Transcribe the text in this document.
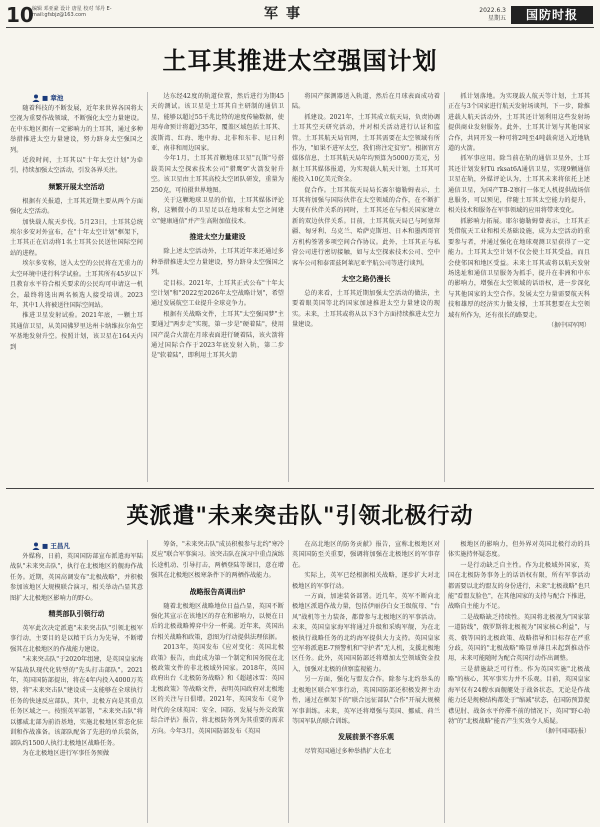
10
编辑 邓亚豪 设计 唐星 校对 邹丹 E-mail:gfsbjz@163.com	军事	2022.6.3
星期五	国防时报
土耳其推进太空强国计划

■ 章池

随着科技的不断发展，近年来世界各国将太空视为重要作战领域，不断强化太空力量建设。在中东地区拥有一定影响力的土耳其，通过多种举措推进太空力量建设，努力跻身太空强国之列。

近段时间，土耳其以"十年太空计划"为牵引，持续加强太空活动，引发各界关注。

频繁开展太空活动

根据有关报道，土耳其近期主要从两个方面强化太空活动。

加快载人航天步伐。5月23日，土耳其总统埃尔多安对外宣布，在"十年太空计划"框架下，土耳其正在启动将1名土耳其公民送往国际空间站的进程。

埃尔多安称，送入太空的公民将在无重力的太空环境中进行科学试验。土耳其所有45岁以下且教育水平符合相关要求的公民均可申请这一机会，最终将选出两名候选人接受培训。2023年，其中1人将被送往国际空间站。

推进卫星发射试验。2021年底，一颗土耳其通信卫星，从美国佛罗里达州卡纳维拉尔角空军基地发射升空。按照计划，该卫星在164天内到

达东经42度的轨道位置，然后进行为期45天的测试。该卫星是土耳其自主研制的通信卫星，能够以超过55千兆比特的速度传输数据，使用寿命预计将超过35年，覆盖区域包括土耳其、波斯湾、红海、地中海、北非和东非、尼日利亚、南非和周边国家。

今年1月，土耳其首颗地球卫星"瓦斯"号搭载美国太空探索技术公司"猎鹰9"火箭发射升空。该卫星由土耳其高校太空团队研发，重量为250克，可拍摄世界地图。

关于这颗地球卫星的价值，土耳其媒体评论称，这颗微小的卫星足以在地球和太空之间建立"健康通信"并产生高附加值技术。

推进太空力量建设

除上述太空活动外，土耳其近年来还通过多种举措推进太空力量建设，努力跻身太空强国之列。

定目标。2021年，土耳其正式公布"十年太空计划"和"2022至2026年太空战略计划"，希望通过发展航空工业提升全球竞争力。

根据有关战略文件，土耳其"太空强国梦"主要通过"两步走"实现，第一步是"硬着陆"，使用国产混合火箭在月球表面进行硬着陆，该火箭将通过国际合作于2023年底发射入轨，第二步是"软着陆"，即利用土耳其火箭

将国产探测器送入轨道，然后在月球表面成功着陆。

抓建设。2021年，土耳其成立航天局，负责协调土耳其空天研究活动，并对相关活动进行认证和监管。土耳其航天局官网，土耳其需要在太空领域有所作为，"如果不进军太空，我们将注定贫穷"。根据官方媒体信息，土耳其航天局年均预算为5000万美元，另据土耳其媒体报道，为实现载人航天计划，土耳其可能投入10亿美元资金。

促合作。土耳其航天局局长赛尔德勒姆表示，土耳其将加强与国际伙伴在太空领域的合作，在不断扩大现有伙伴关系的同时，土耳其还在与相关国家建立新的双边伙伴关系。目前，土耳其航天局已与阿塞拜疆、匈牙利、乌克兰、哈萨克斯坦、日本和墨西哥官方机构签署多项空间合作协议。此外，土耳其正与私营公司进行密切接触，如与太空探索技术公司、空中客车公司和泰雷兹阿莱尼亚宇航公司等进行谈判。

太空之路仍漫长

总的来看，土耳其近期加强太空活动的做法，主要着眼美国等北约国家加速推进太空力量建设的现实。未来，土耳其或将从以下3个方面持续推进太空力量建设。

抓计划落地。为实现载人航天等计划，土耳其正在与3个国家进行航天发射场谈判，下一步，除推进载人航天活动外，土耳其还计划利用这些发射场提供商业发射服务。此外，土耳其计划与其他国家合作，共同开发一种可将2吨至4吨载荷送入近地轨道的火箭。

抓军事应用。除当前在轨的通信卫星外，土耳其还计划发射Tü rksat6A通信卫星，实现9颗通信卫星在轨，外媒评论认为，土耳其未来将依托上述通信卫星，为国产TB-2察打一体无人机提供战场信息服务，可以预见，伴随土耳其太空能力的提升，相关技术和服务在军事领域的应用将带来变化。

抓影响力拓展。耶尔德勒姆曾表示，土耳其正凭借航天工业和相关基础设施，成为太空活动的重要参与者，并通过强化在地球观测卫星获得了一定能力。土耳其太空计划不仅会使土耳其受益，而且会使邻国和地区受益。未来土耳其或将以航天发射场选址和通信卫星服务为抓手，提升在非洲和中东的影响力，增强在太空领域的话语权，进一步深化与其他国家的太空合作。发展太空力量需要航天科技和雄厚的经济实力做支撑，土耳其想要在太空领域有所作为，还有很长的路要走。

（据中国军网）

英派遣"未来突击队"引领北极行动

■ 王昌凡

外媒称，日前，英国国防部宣布派遣海军陆战队"未来突击队"，执行在北极地区的舰海作战任务。近期，英国高调发布"北极战略"，并积极参加该地区大规模联合演习，相关举动凸显其意图扩大北极地区影响力的野心。

精英部队引领行动

英军此次决定派遣"未来突击队"引领北极军事行动，主要目的是以精干兵力为先导，不断增强其在北极地区的作战能力建设。

"未来突击队"于2020年组建，是英国皇家海军陆战队现代化转型的"先头打击部队"。2021年，英国国防部提出，将在4年内投入4000万英镑，将"未来突击队"建设成一支能够在全球执行任务的快速反应部队，其中，北极方向是其重点任务区域之一。按照英军部署，"未来突击队"将以挪威北部为前沿基地，实施北极地区常态化驻训和作战准备。该部队配备了先进的单兵装备，部队约1500人执行北极地区战略任务。

为在北极地区进行军事任务预做

筹备，"未来突击队"成员积极参与北约"寒冷反应"联合军事演习。该突击队在演习中重点演练长途机动、引导打击，两栖登陆等课目，意在增强其在北极地区极寒条件下的两栖作战能力。

战略报告高调出炉

随着北极地区战略地位日益凸显，英国不断强化其宣示在该地区的存在和影响力，以便在日后的北极战略博弈中分一杯羹。近年来，英国出台相关战略和政策，意图为行动提供法理依据。

2013年，英国发布《应对变化：英国北极政策》报告，由此成为第一个制定和国务院在北极政策文件的非北极域外国家。2018年，英国政府出台《北极防务战略》和《超越冰雪：英国北极政策》等战略文件，表明英国政府对北极地区的关注与日俱增。2021年，英国发布《竞争时代的全球英国：安全、国防、发展与外交政策综合评估》报告，将北极防务列为其重要的需求方向。今年3月，英国国防部发布《英国

在高北地区的防务贡献》报告，宣称北极地区对英国国防至关重要，强调将加强在北极地区的军事存在。

实际上，英军已经根据相关战略，逐步扩大对北极地区的军事行动。

一方面，加速装备部署。近几年，英军不断向北极地区派遣作战力量，包括伊丽莎白女王级航母、"台风"战机等主力装备，都曾参与北极地区的军事活动。未来，英国皇家海军将通过升级和采购军舰，为在北极执行战略任务的北约海军提供大力支持。英国皇家空军将派遣E-7预警机和"守护者"无人机，支援北极地区任务。此外，英国国防部还将增加太空领域资金投入，加强对北极的侦察监视能力。

另一方面，强化与盟友合作。除参与北约举头的北极地区联合军事行动，英国国防部还积极发挥主动性，通过在框架下的"联合远征部队"合作"开展大规模军事训练。未来，英军还将增强与美国、挪威、荷兰等国军队的联合训练。

发展前景不容乐观

尽管英国通过多种举措扩大在北

极地区的影响力，但外界对英国北极行动的具体实施持怀疑态度。

一是行动缺乏自主性。作为北极域外国家，英国在北极防务事务上的话语权有限，所有军事活动都需要以北约盟友的身份进行，未来"北极战略"也只能"看盟友脸色"，在其他国家的支持与配合下推进，战略自主能力不足。

二是战略缺乏持续性。英国将北极视为"国家第一道防线"，俄罗斯将北极视为"国家核心利益"，与英、俄等国的北极政策、战略指导和目标存在严重分歧，英国的"北极战略"略显单薄且未起到推动作用，未来可能随时为配合英国行动作出调整。

三是措施缺乏可行性。作为英国实施"北极战略"的核心，其军事实力并不乐观。目前，英国皇家海军仅有24艘水面舰艇处于战备状态，无论是作战能力还是规模结构都处于"缩减"状态，在国防预算捉襟见肘、战备水平停滞不前的情况下，英国"野心勃勃"的"北极战略"能否产生实效令人质疑。

（据中国国防报）
